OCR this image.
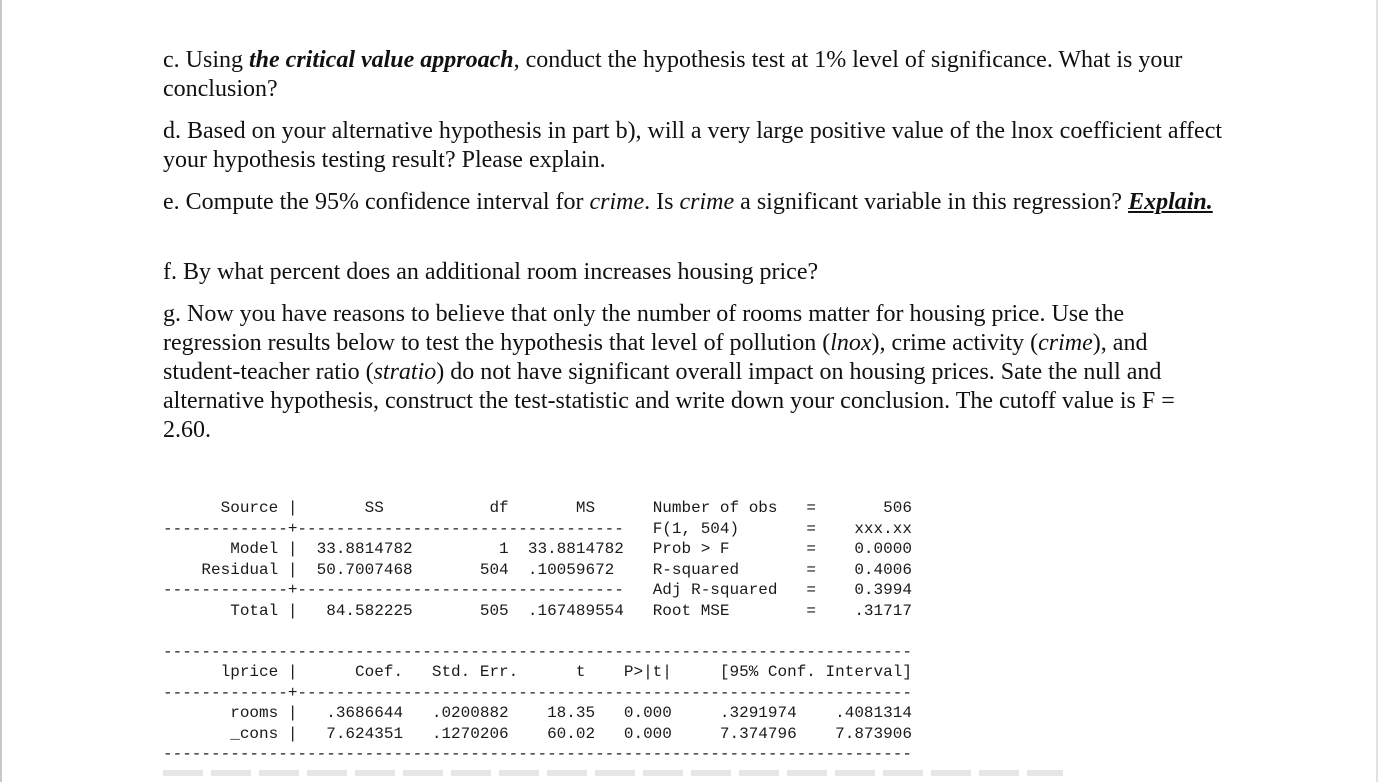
c. Using the critical value approach, conduct the hypothesis test at 1% level of significance. What is your conclusion?
d. Based on your alternative hypothesis in part b), will a very large positive value of the lnox coefficient affect your hypothesis testing result? Please explain.
e. Compute the 95% confidence interval for crime. Is crime a significant variable in this regression? Explain.
f. By what percent does an additional room increases housing price?
g. Now you have reasons to believe that only the number of rooms matter for housing price. Use the regression results below to test the hypothesis that level of pollution (lnox), crime activity (crime), and student-teacher ratio (stratio) do not have significant overall impact on housing prices. Sate the null and alternative hypothesis, construct the test-statistic and write down your conclusion. The cutoff value is F = 2.60.
Source |       SS           df       MS      Number of obs   =       506
-------------+---------------------------------- F(1, 504)       =    xxx.xx
Model |  33.8814782         1  33.8814782 Prob > F        =    0.0000
Residual |  50.7007468       504  .10059672 R-squared       =    0.4006
-------------+---------------------------------- Adj R-squared   =    0.3994
Total |   84.582225       505  .167489554 Root MSE        =    .31717

------------------------------------------------------------------------------
lprice |      Coef.   Std. Err.      t    P>|t|     [95% Conf. Interval]
-------------+----------------------------------------------------------------
rooms |   .3686644   .0200882    18.35   0.000     .3291974    .4081314
_cons |   7.624351   .1270206    60.02   0.000     7.374796    7.873906
------------------------------------------------------------------------------
